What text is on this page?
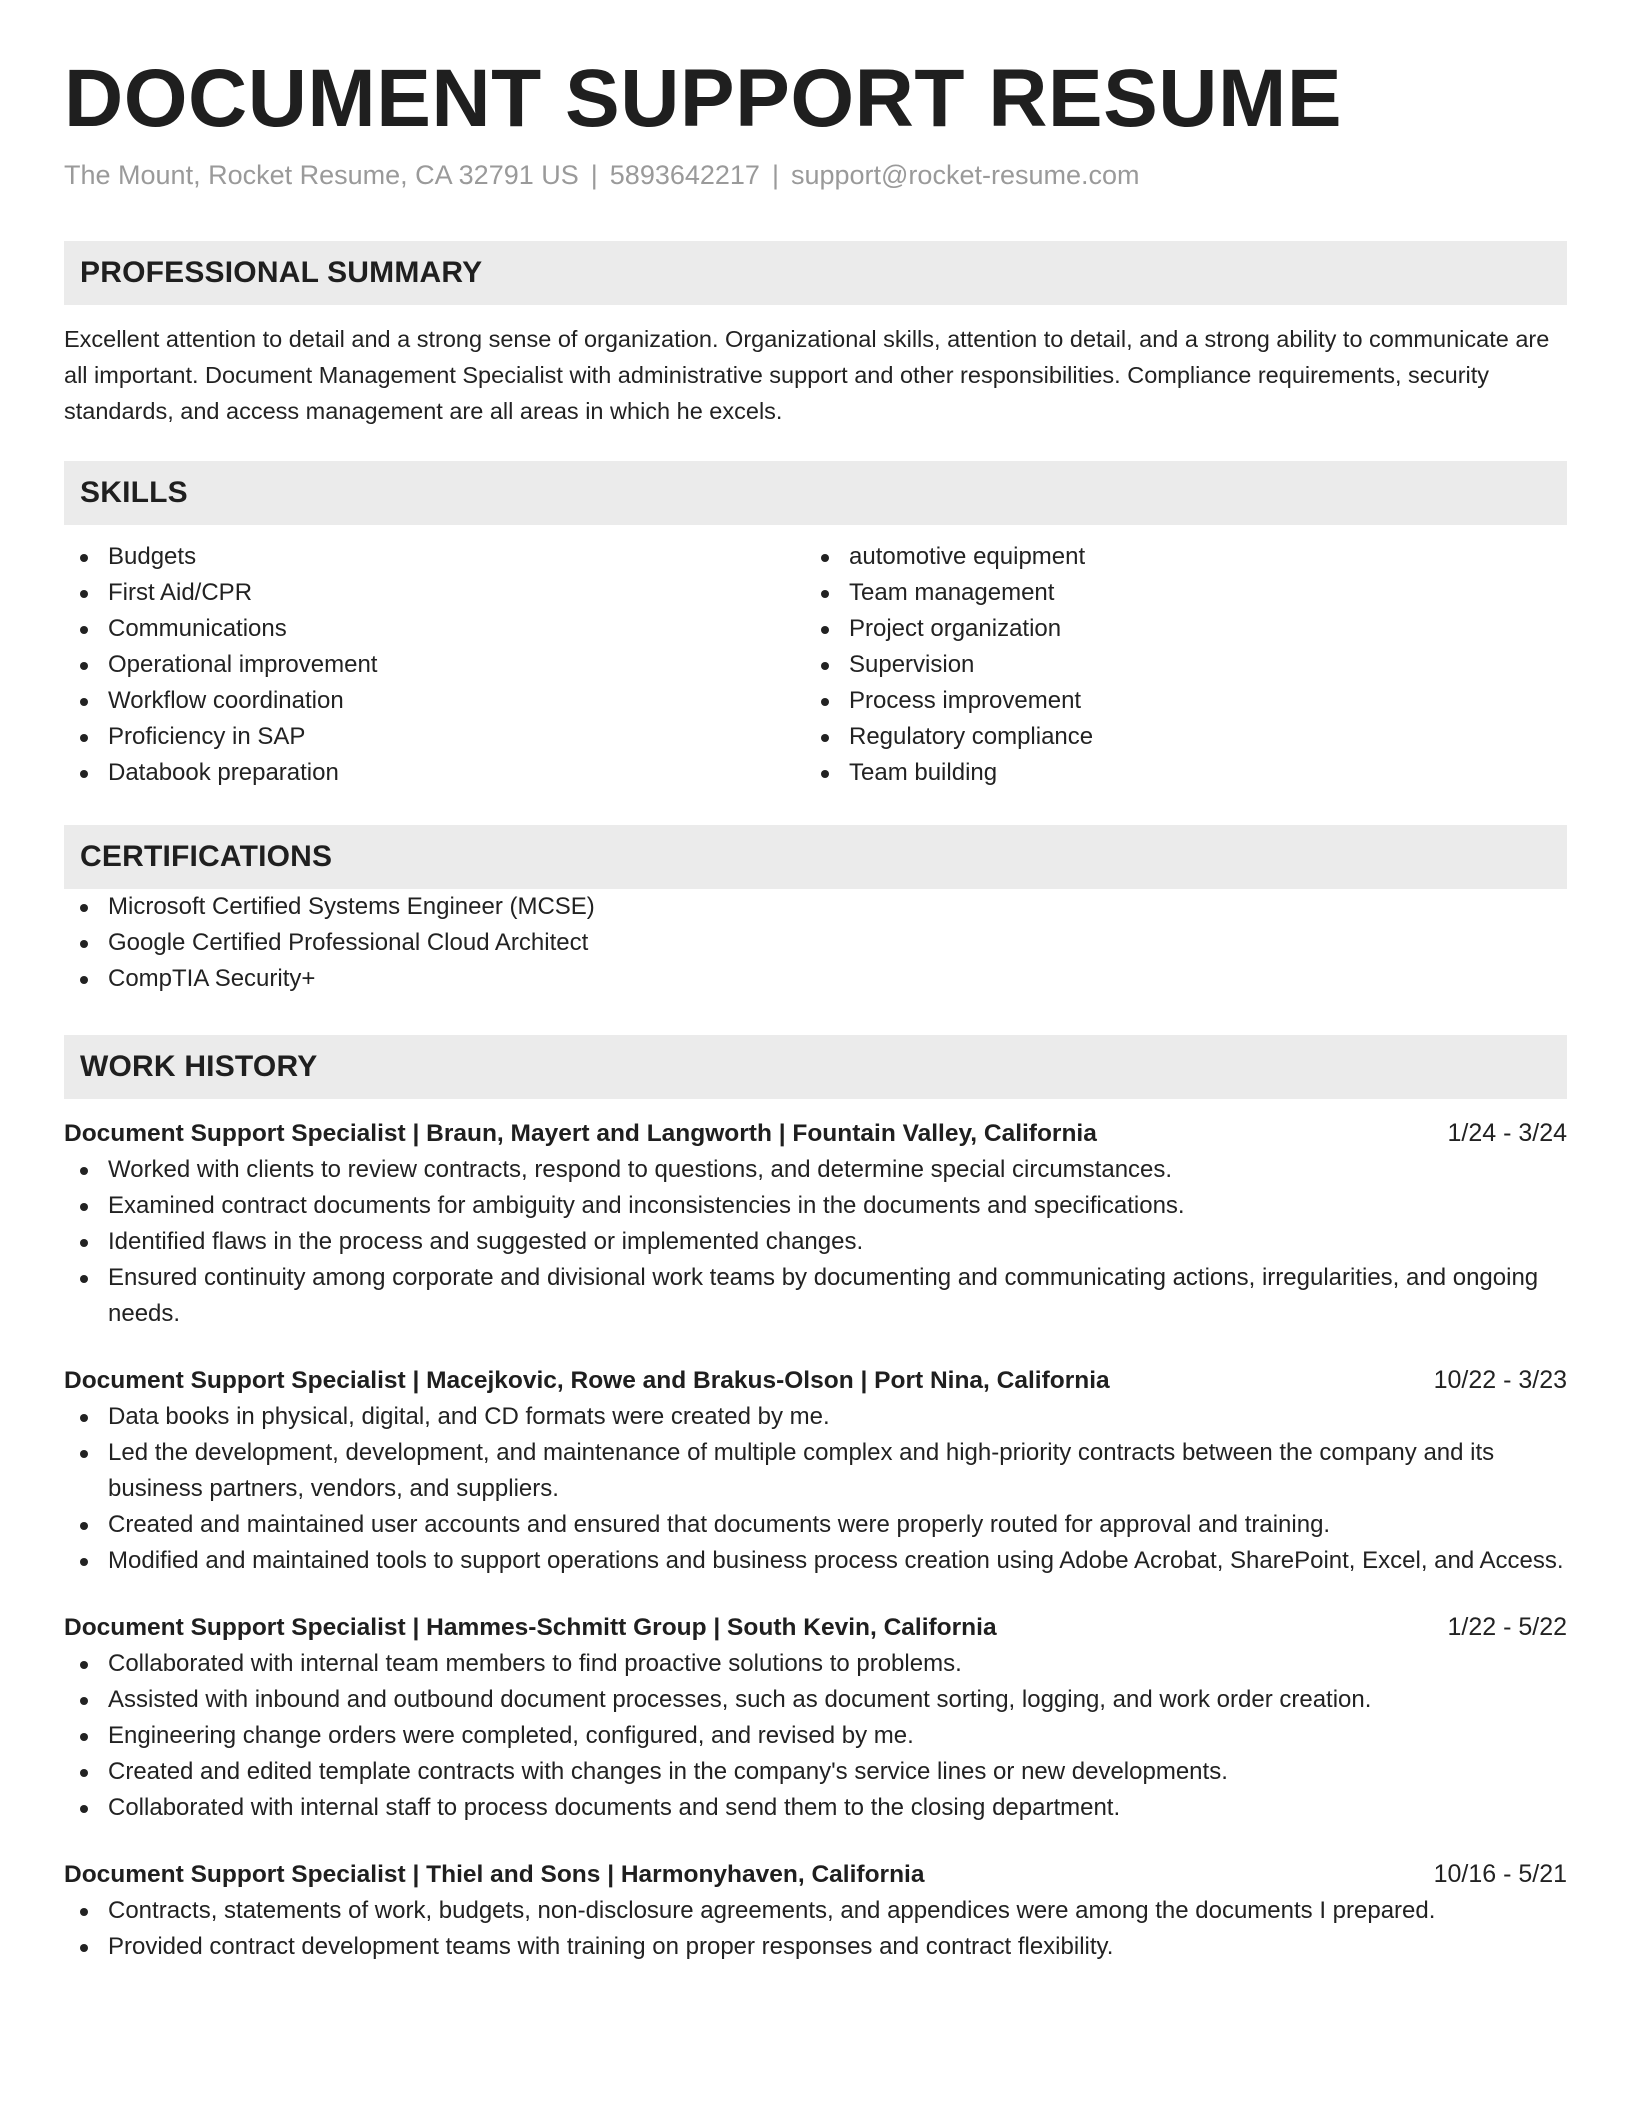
DOCUMENT SUPPORT RESUME
The Mount, Rocket Resume, CA 32791 US | 5893642217 | support@rocket-resume.com
PROFESSIONAL SUMMARY
Excellent attention to detail and a strong sense of organization. Organizational skills, attention to detail, and a strong ability to communicate are all important. Document Management Specialist with administrative support and other responsibilities. Compliance requirements, security standards, and access management are all areas in which he excels.
SKILLS
Budgets
First Aid/CPR
Communications
Operational improvement
Workflow coordination
Proficiency in SAP
Databook preparation
automotive equipment
Team management
Project organization
Supervision
Process improvement
Regulatory compliance
Team building
CERTIFICATIONS
Microsoft Certified Systems Engineer (MCSE)
Google Certified Professional Cloud Architect
CompTIA Security+
WORK HISTORY
Document Support Specialist | Braun, Mayert and Langworth | Fountain Valley, California	1/24 - 3/24
Worked with clients to review contracts, respond to questions, and determine special circumstances.
Examined contract documents for ambiguity and inconsistencies in the documents and specifications.
Identified flaws in the process and suggested or implemented changes.
Ensured continuity among corporate and divisional work teams by documenting and communicating actions, irregularities, and ongoing needs.
Document Support Specialist | Macejkovic, Rowe and Brakus-Olson | Port Nina, California	10/22 - 3/23
Data books in physical, digital, and CD formats were created by me.
Led the development, development, and maintenance of multiple complex and high-priority contracts between the company and its business partners, vendors, and suppliers.
Created and maintained user accounts and ensured that documents were properly routed for approval and training.
Modified and maintained tools to support operations and business process creation using Adobe Acrobat, SharePoint, Excel, and Access.
Document Support Specialist | Hammes-Schmitt Group | South Kevin, California	1/22 - 5/22
Collaborated with internal team members to find proactive solutions to problems.
Assisted with inbound and outbound document processes, such as document sorting, logging, and work order creation.
Engineering change orders were completed, configured, and revised by me.
Created and edited template contracts with changes in the company's service lines or new developments.
Collaborated with internal staff to process documents and send them to the closing department.
Document Support Specialist | Thiel and Sons | Harmonyhaven, California	10/16 - 5/21
Contracts, statements of work, budgets, non-disclosure agreements, and appendices were among the documents I prepared.
Provided contract development teams with training on proper responses and contract flexibility.
